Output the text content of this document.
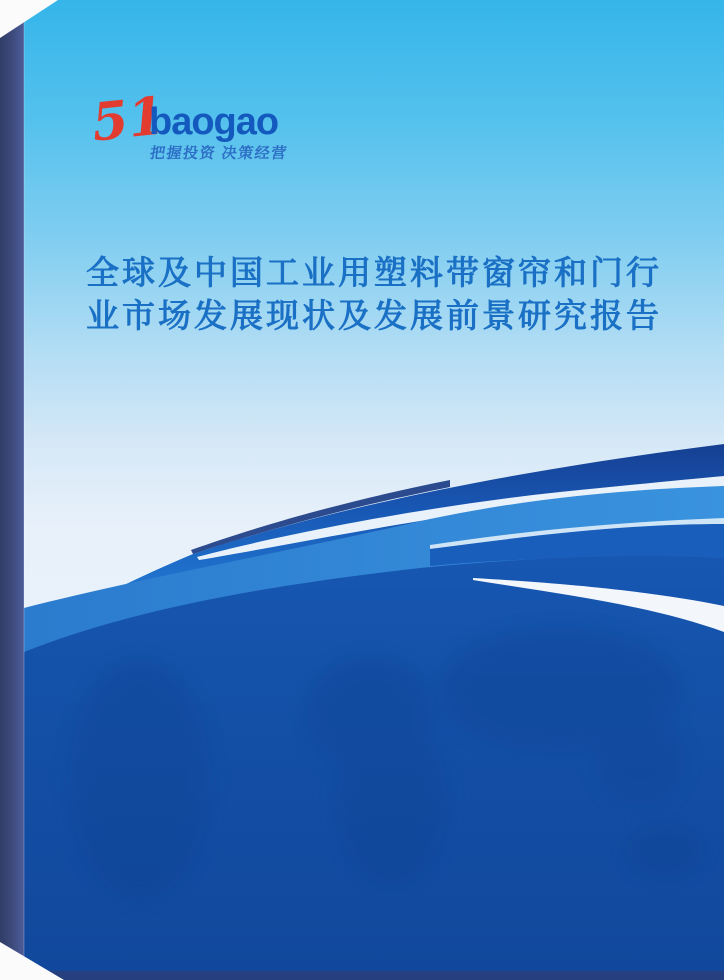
51
baogao
把握投资 决策经营
全球及中国工业用塑料带窗帘和门行
业市场发展现状及发展前景研究报告
